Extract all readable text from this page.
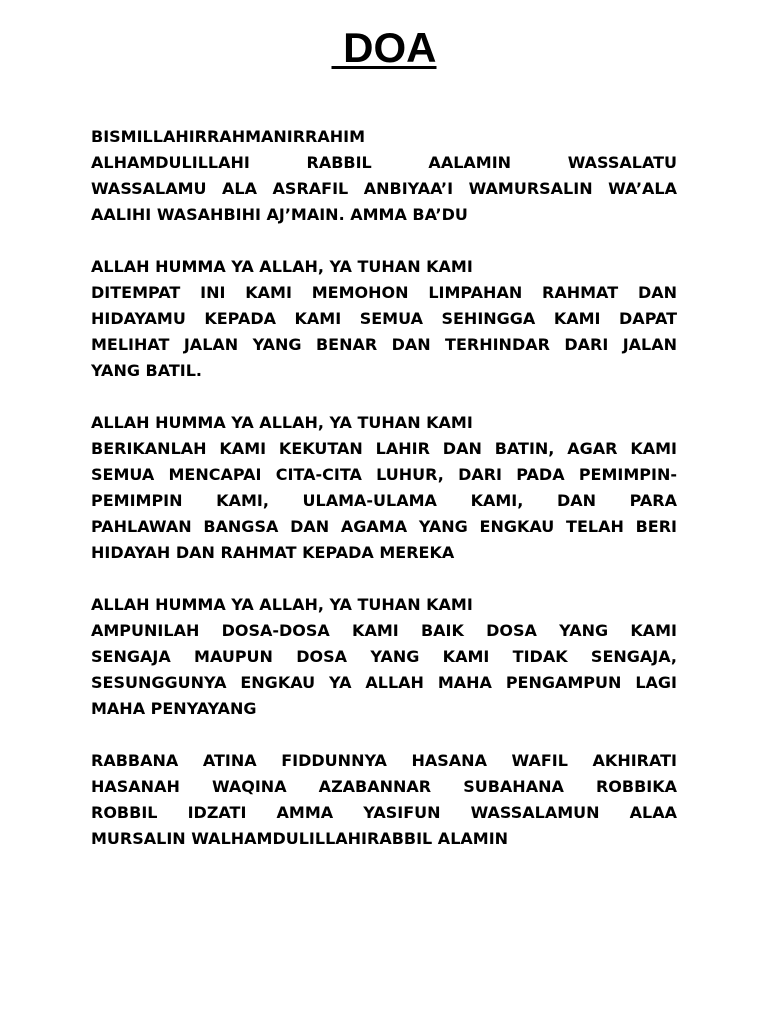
DOA
BISMILLAHIRRAHMANIRRAHIM
ALHAMDULILLAHI RABBIL AALAMIN WASSALATU
WASSALAMU ALA ASRAFIL ANBIYAA’I WAMURSALIN WA’ALA
AALIHI WASAHBIHI AJ’MAIN. AMMA BA’DU
ALLAH HUMMA YA ALLAH, YA TUHAN KAMI
DITEMPAT INI KAMI MEMOHON LIMPAHAN RAHMAT DAN
HIDAYAMU KEPADA KAMI SEMUA SEHINGGA KAMI DAPAT
MELIHAT JALAN YANG BENAR DAN TERHINDAR DARI JALAN
YANG BATIL.
ALLAH HUMMA YA ALLAH, YA TUHAN KAMI
BERIKANLAH KAMI KEKUTAN LAHIR DAN BATIN, AGAR KAMI
SEMUA MENCAPAI CITA-CITA LUHUR, DARI PADA PEMIMPIN-
PEMIMPIN KAMI, ULAMA-ULAMA KAMI, DAN PARA
PAHLAWAN BANGSA DAN AGAMA YANG ENGKAU TELAH BERI
HIDAYAH DAN RAHMAT KEPADA MEREKA
ALLAH HUMMA YA ALLAH, YA TUHAN KAMI
AMPUNILAH DOSA-DOSA KAMI BAIK DOSA YANG KAMI
SENGAJA MAUPUN DOSA YANG KAMI TIDAK SENGAJA,
SESUNGGUNYA ENGKAU YA ALLAH MAHA PENGAMPUN LAGI
MAHA PENYAYANG
RABBANA ATINA FIDDUNNYA HASANA WAFIL AKHIRATI
HASANAH WAQINA AZABANNAR SUBAHANA ROBBIKA
ROBBIL IDZATI AMMA YASIFUN WASSALAMUN ALAA
MURSALIN WALHAMDULILLAHIRABBIL ALAMIN
